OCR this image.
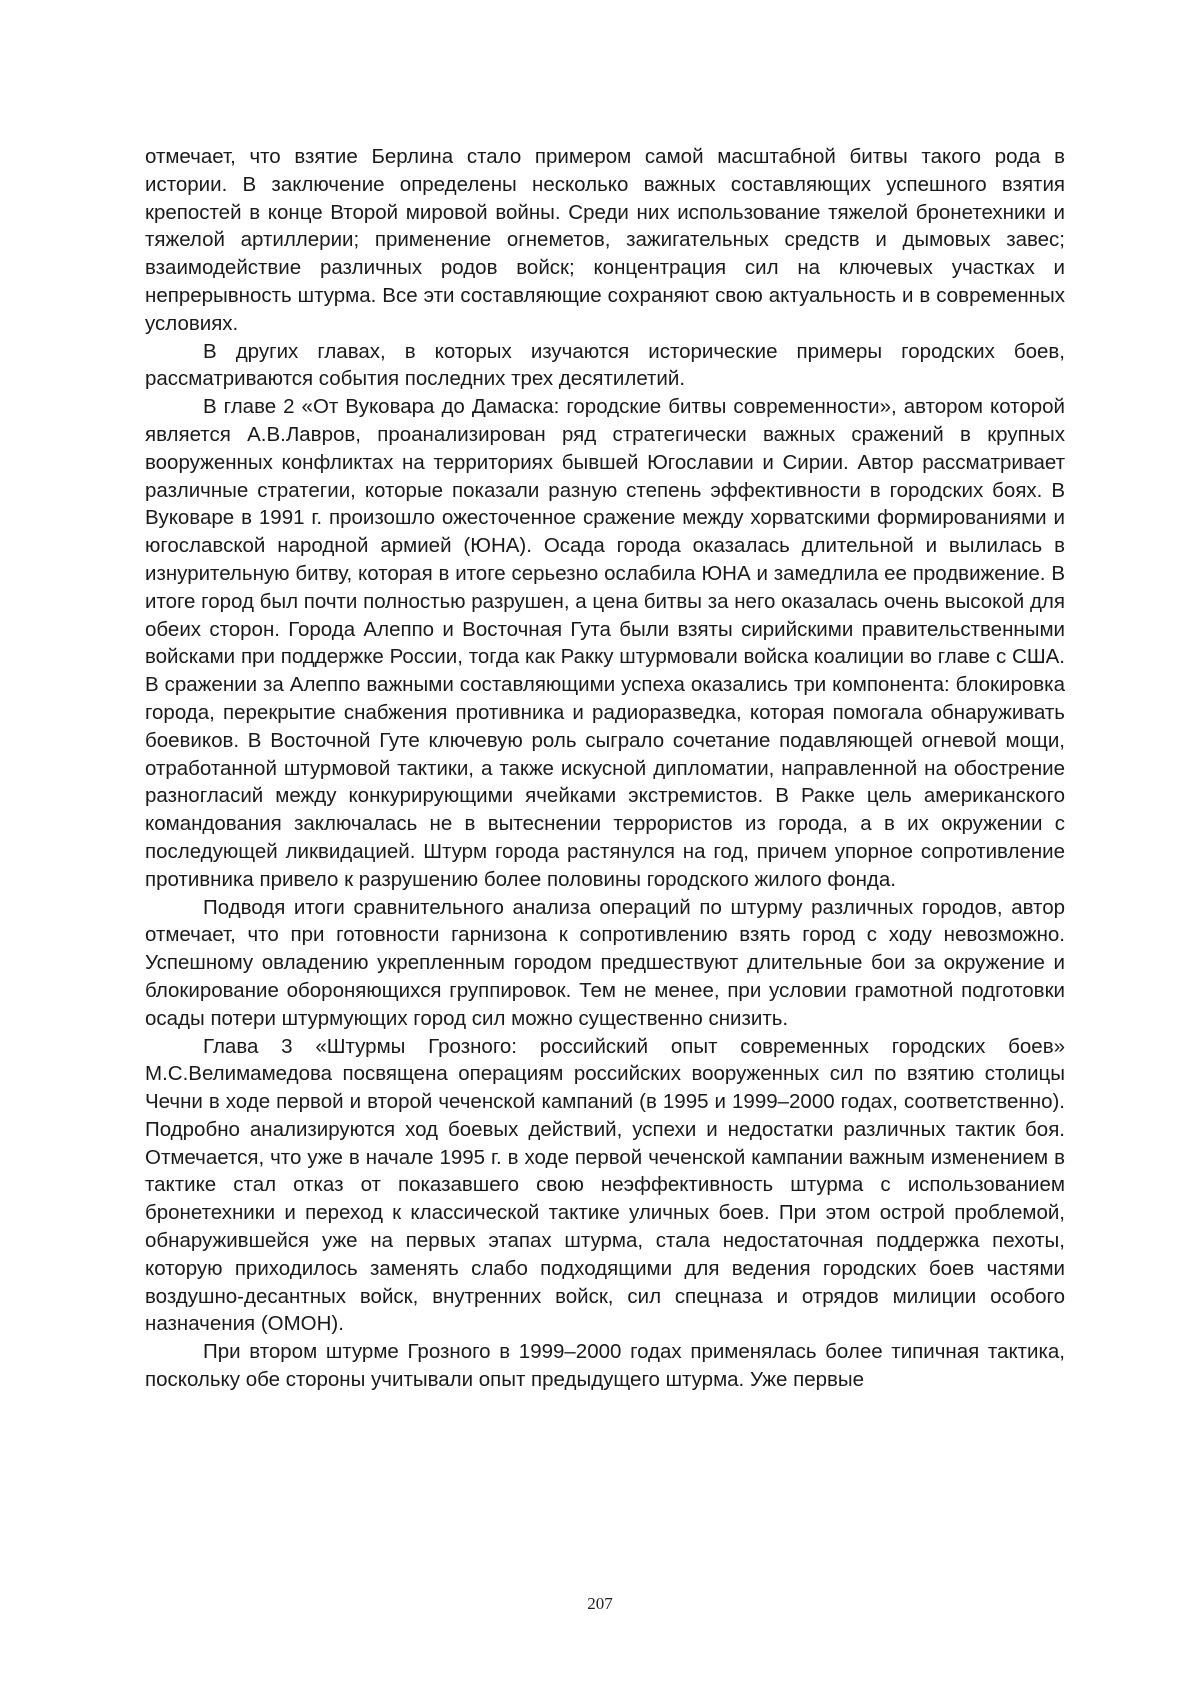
отмечает, что взятие Берлина стало примером самой масштабной битвы такого рода в истории. В заключение определены несколько важных составляющих успешного взятия крепостей в конце Второй мировой войны. Среди них использование тяжелой бронетехники и тяжелой артиллерии; применение огнеметов, зажигательных средств и дымовых завес; взаимодействие различных родов войск; концентрация сил на ключевых участках и непрерывность штурма. Все эти составляющие сохраняют свою актуальность и в современных условиях.

В других главах, в которых изучаются исторические примеры городских боев, рассматриваются события последних трех десятилетий.

В главе 2 «От Вуковара до Дамаска: городские битвы современности», автором которой является А.В.Лавров, проанализирован ряд стратегически важных сражений в крупных вооруженных конфликтах на территориях бывшей Югославии и Сирии. Автор рассматривает различные стратегии, которые показали разную степень эффективности в городских боях. В Вуковаре в 1991 г. произошло ожесточенное сражение между хорватскими формированиями и югославской народной армией (ЮНА). Осада города оказалась длительной и вылилась в изнурительную битву, которая в итоге серьезно ослабила ЮНА и замедлила ее продвижение. В итоге город был почти полностью разрушен, а цена битвы за него оказалась очень высокой для обеих сторон. Города Алеппо и Восточная Гута были взяты сирийскими правительственными войсками при поддержке России, тогда как Ракку штурмовали войска коалиции во главе с США. В сражении за Алеппо важными составляющими успеха оказались три компонента: блокировка города, перекрытие снабжения противника и радиоразведка, которая помогала обнаруживать боевиков. В Восточной Гуте ключевую роль сыграло сочетание подавляющей огневой мощи, отработанной штурмовой тактики, а также искусной дипломатии, направленной на обострение разногласий между конкурирующими ячейками экстремистов. В Ракке цель американского командования заключалась не в вытеснении террористов из города, а в их окружении с последующей ликвидацией. Штурм города растянулся на год, причем упорное сопротивление противника привело к разрушению более половины городского жилого фонда.

Подводя итоги сравнительного анализа операций по штурму различных городов, автор отмечает, что при готовности гарнизона к сопротивлению взять город с ходу невозможно. Успешному овладению укрепленным городом предшествуют длительные бои за окружение и блокирование обороняющихся группировок. Тем не менее, при условии грамотной подготовки осады потери штурмующих город сил можно существенно снизить.

Глава 3 «Штурмы Грозного: российский опыт современных городских боев» М.С.Велимамедова посвящена операциям российских вооруженных сил по взятию столицы Чечни в ходе первой и второй чеченской кампаний (в 1995 и 1999–2000 годах, соответственно). Подробно анализируются ход боевых действий, успехи и недостатки различных тактик боя. Отмечается, что уже в начале 1995 г. в ходе первой чеченской кампании важным изменением в тактике стал отказ от показавшего свою неэффективность штурма с использованием бронетехники и переход к классической тактике уличных боев. При этом острой проблемой, обнаружившейся уже на первых этапах штурма, стала недостаточная поддержка пехоты, которую приходилось заменять слабо подходящими для ведения городских боев частями воздушно-десантных войск, внутренних войск, сил спецназа и отрядов милиции особого назначения (ОМОН).

При втором штурме Грозного в 1999–2000 годах применялась более типичная тактика, поскольку обе стороны учитывали опыт предыдущего штурма. Уже первые

207
